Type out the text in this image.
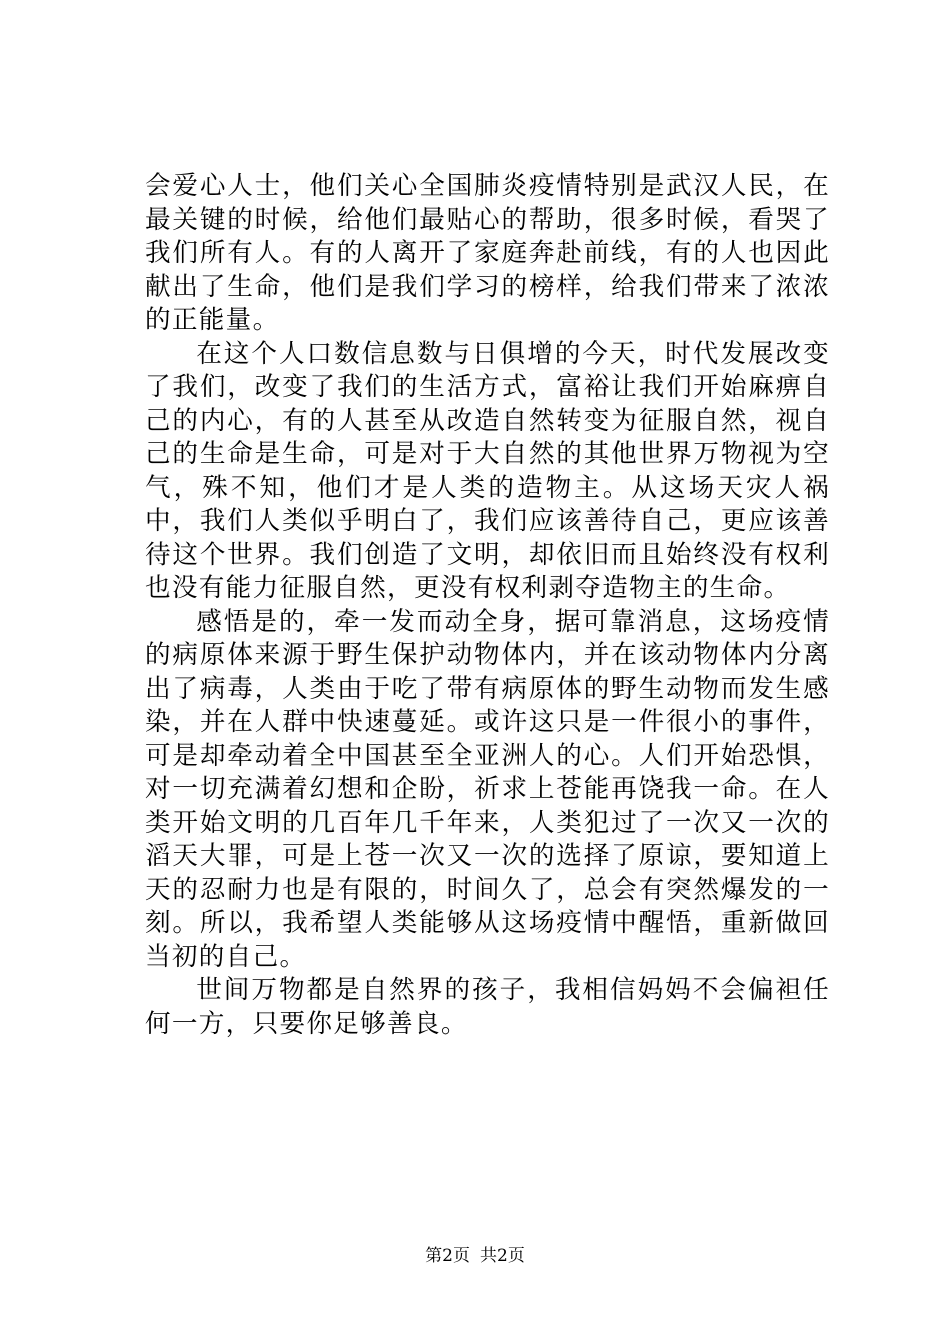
会爱心人士，他们关心全国肺炎疫情特别是武汉人民，在最关键的时候，给他们最贴心的帮助，很多时候，看哭了我们所有人。有的人离开了家庭奔赴前线，有的人也因此献出了生命，他们是我们学习的榜样，给我们带来了浓浓的正能量。

在这个人口数信息数与日俱增的今天，时代发展改变了我们，改变了我们的生活方式，富裕让我们开始麻痹自己的内心，有的人甚至从改造自然转变为征服自然，视自己的生命是生命，可是对于大自然的其他世界万物视为空气，殊不知，他们才是人类的造物主。从这场天灾人祸中，我们人类似乎明白了，我们应该善待自己，更应该善待这个世界。我们创造了文明，却依旧而且始终没有权利也没有能力征服自然，更没有权利剥夺造物主的生命。

感悟是的，牵一发而动全身，据可靠消息，这场疫情的病原体来源于野生保护动物体内，并在该动物体内分离出了病毒，人类由于吃了带有病原体的野生动物而发生感染，并在人群中快速蔓延。或许这只是一件很小的事件，可是却牵动着全中国甚至全亚洲人的心。人们开始恐惧，对一切充满着幻想和企盼，祈求上苍能再饶我一命。在人类开始文明的几百年几千年来，人类犯过了一次又一次的滔天大罪，可是上苍一次又一次的选择了原谅，要知道上天的忍耐力也是有限的，时间久了，总会有突然爆发的一刻。所以，我希望人类能够从这场疫情中醒悟，重新做回当初的自己。

世间万物都是自然界的孩子，我相信妈妈不会偏袒任何一方，只要你足够善良。

第2页 共2页
